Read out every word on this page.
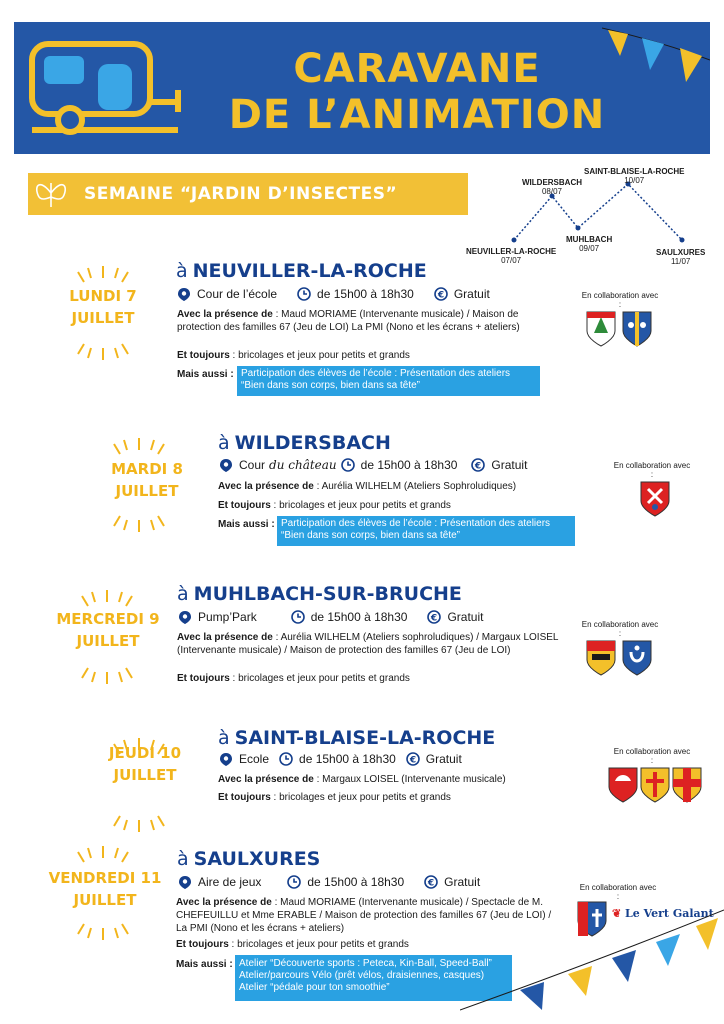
CARAVANE
DE L’ANIMATION
SEMAINE “JARDIN D’INSECTES”
NEUVILLER-LA-ROCHE
07/07
WILDERSBACH
08/07
MUHLBACH
09/07
SAINT-BLAISE-LA-ROCHE
10/07
SAULXURES
11/07
LUNDI 7
JUILLET
à NEUVILLER-LA-ROCHE
Cour de l’école	de 15h00 à 18h30	Gratuit
Avec la présence de : Maud MORIAME (Intervenante musicale) / Maison de protection des familles 67 (Jeu de LOI) La PMI (Nono et les écrans + ateliers)
Et toujours : bricolages et jeux pour petits et grands
Mais aussi : Participation des élèves de l’école : Présentation des ateliers
“Bien dans son corps, bien dans sa tête”
En collaboration avec :
MARDI 8
JUILLET
à WILDERSBACH
Cour du château de 15h00 à 18h30	Gratuit
Avec la présence de : Aurélia WILHELM (Ateliers Sophroludiques)
Et toujours : bricolages et jeux pour petits et grands
Mais aussi : Participation des élèves de l’école : Présentation des ateliers
“Bien dans son corps, bien dans sa tête”
En collaboration avec :
MERCREDI 9
JUILLET
à MUHLBACH-SUR-BRUCHE
Pump’Park	de 15h00 à 18h30	Gratuit
Avec la présence de : Aurélia WILHELM (Ateliers sophroludiques) / Margaux LOISEL (Intervenante musicale) / Maison de protection des familles 67 (Jeu de LOI)
Et toujours : bricolages et jeux pour petits et grands
En collaboration avec :
JEUDI 10
JUILLET
à SAINT-BLAISE-LA-ROCHE
Ecole	de 15h00 à 18h30	Gratuit
Avec la présence de : Margaux LOISEL (Intervenante musicale)
Et toujours : bricolages et jeux pour petits et grands
En collaboration avec :
VENDREDI 11
JUILLET
à SAULXURES
Aire de jeux	de 15h00 à 18h30	Gratuit
Avec la présence de : Maud MORIAME (Intervenante musicale) / Spectacle de M. CHEFEUILLU et Mme ERABLE / Maison de protection des familles 67 (Jeu de LOI) / La PMI (Nono et les écrans + ateliers)
Et toujours : bricolages et jeux pour petits et grands
Mais aussi : Atelier “Découverte sports : Peteca, Kin-Ball, Speed-Ball”
Atelier/parcours Vélo (prêt vélos, draisiennes, casques)
Atelier “pédale pour ton smoothie”
En collaboration avec :
❦ Le Vert Galant
